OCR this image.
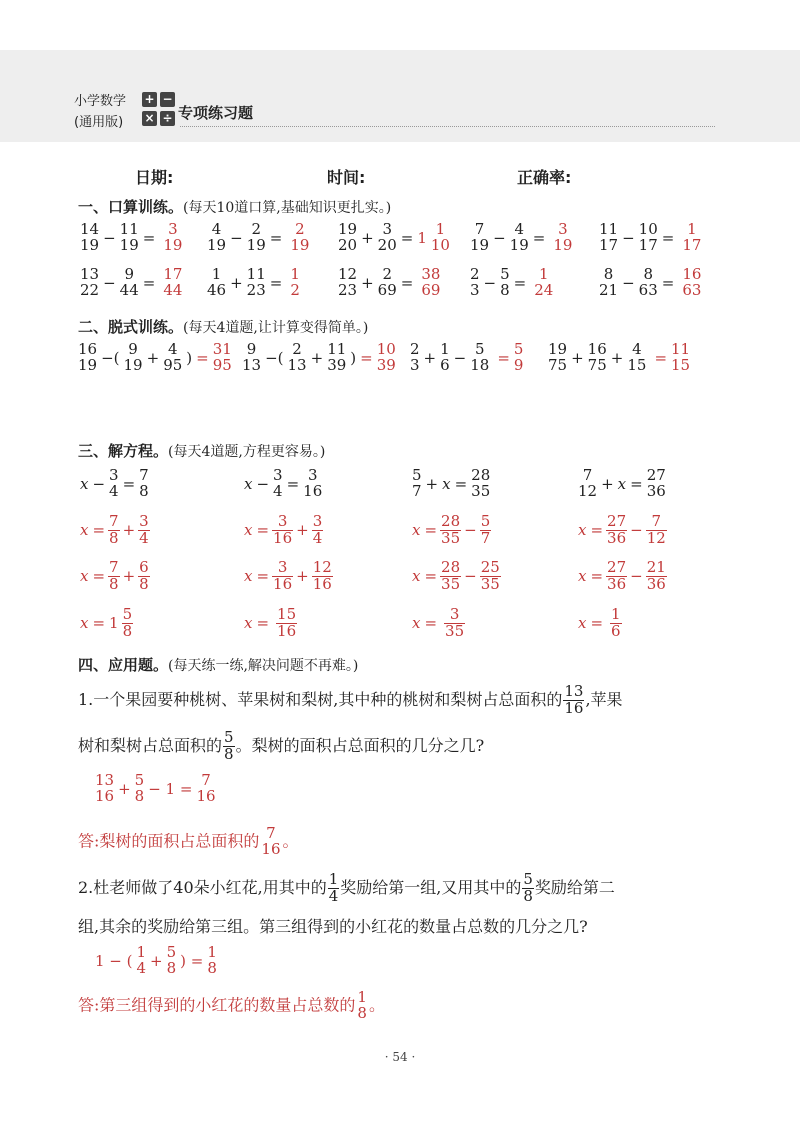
小学数学
(通用版)
+ −
× ÷ 专项练习题
日期:	时间:	正确率:
一、口算训练。(每天10道口算,基础知识更扎实。)
14
19 − 11
19 = 3
19
4
19 − 2
19 = 2
19
19
20 + 3
20 = 1 1
10
7
19 − 4
19 = 3
19
11
17 − 10
17 = 1
17
13
22 − 9
44 = 17
44
1
46 + 11
23 = 1
2
12
23 + 2
69 = 38
69
2
3 − 5
8 = 1
24
8
21 − 8
63 = 16
63
二、脱式训练。(每天4道题,让计算变得简单。)
16
19 −( 9
19 + 4
95 ) = 31
95
9
13 −( 2
13 + 11
39 ) = 10
39
2
3 + 1
6 − 5
18 = 5
9
19
75 + 16
75 + 4
15 = 11
15
三、解方程。(每天4道题,方程更容易。)
x − 3
4 = 7
8
$x = \frac{7}{8} + \frac{3}{4}$
$x = \frac{7}{8} + \frac{6}{8}$
$x = 1 \frac{5}{8}$
x − 3
4 = 3
16
$x = \frac{3}{16} + \frac{3}{4}$
$x = \frac{3}{16} + \frac{12}{16}$
$x = \frac{15}{16}$
5
7 + x = 28
35
$x = \frac{28}{35} - \frac{5}{7}$
$x = \frac{28}{35} - \frac{25}{35}$
$x = \frac{3}{35}$
7
12 + x = 27
36
$x = \frac{27}{36} - \frac{7}{12}$
$x = \frac{27}{36} - \frac{21}{36}$
$x = \frac{1}{6}$
四、应用题。(每天练一练,解决问题不再难。)
1.一个果园要种桃树、苹果树和梨树,其中种的桃树和梨树占总面积的 $\frac{13}{16}$ ,苹果
树和梨树占总面积的 $\frac{5}{8}$ 。梨树的面积占总面积的几分之几?
13
16 + 5
8 − 1 = 7
16
答:梨树的面积占总面积的 7
16 。
2.杜老师做了40朵小红花,用其中的 $\frac{1}{4}$ 奖励给第一组,又用其中的 $\frac{5}{8}$ 奖励给第二
组,其余的奖励给第三组。第三组得到的小红花的数量占总数的几分之几?
1 − ( 1
4 + 5
8 ) = 1
8
答:第三组得到的小红花的数量占总数的 1
8 。
· 54 ·
